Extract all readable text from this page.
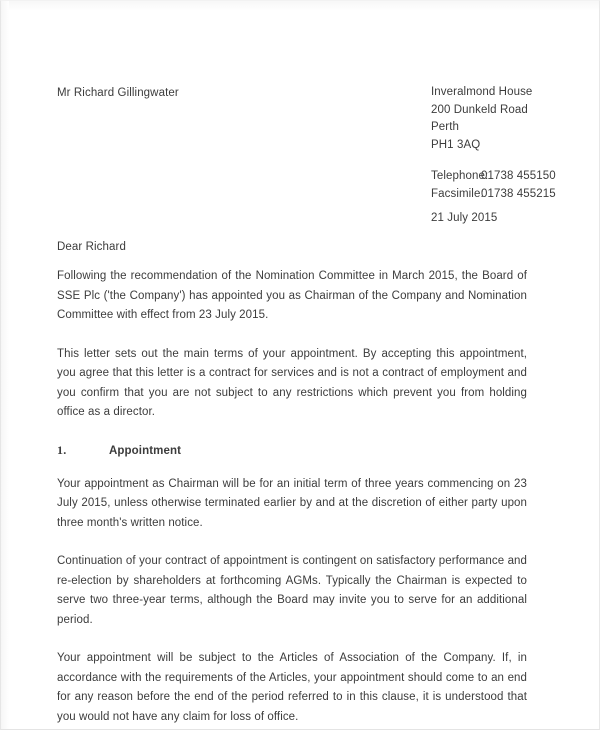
Mr Richard Gillingwater	Inveralmond House
200 Dunkeld Road
Perth
PH1 3AQ
Telephone:
01738 455150
Facsimile:
01738 455215
21 July 2015
Dear Richard

Following the recommendation of the Nomination Committee in March 2015, the Board of SSE Plc ('the Company') has appointed you as Chairman of the Company and Nomination Committee with effect from 23 July 2015.

This letter sets out the main terms of your appointment. By accepting this appointment, you agree that this letter is a contract for services and is not a contract of employment and you confirm that you are not subject to any restrictions which prevent you from holding office as a director.

1.	Appointment

Your appointment as Chairman will be for an initial term of three years commencing on 23 July 2015, unless otherwise terminated earlier by and at the discretion of either party upon three month's written notice.

Continuation of your contract of appointment is contingent on satisfactory performance and re-election by shareholders at forthcoming AGMs. Typically the Chairman is expected to serve two three-year terms, although the Board may invite you to serve for an additional period.

Your appointment will be subject to the Articles of Association of the Company. If, in accordance with the requirements of the Articles, your appointment should come to an end for any reason before the end of the period referred to in this clause, it is understood that you would not have any claim for loss of office.
